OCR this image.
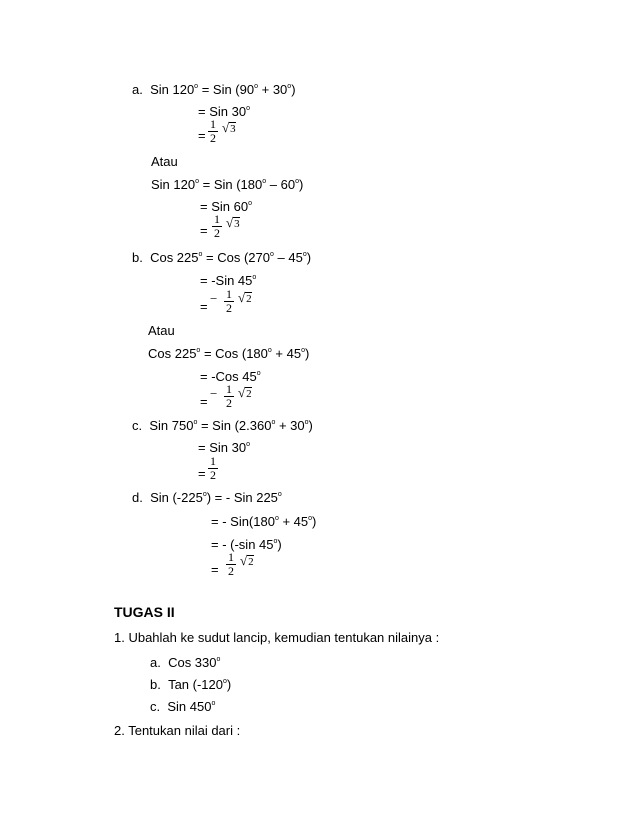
a. Sin $120^o$ = Sin $(90^o + 30^o)$
= Sin $30^o$
=
1
2
√3
Atau
Sin $120^o$ = Sin $(180^o - 60^o)$
= Sin $60^o$
=
1
2
√3
b. Cos $225^o$ = Cos $(270^o - 45^o)$
= -Sin $45^o$
=
− 1
2
√2
Atau
Cos $225^o$ = Cos $(180^o + 45^o)$
= -Cos $45^o$
=
− 1
2
√2
c. Sin $750^o$ = Sin $(2.360^o + 30^o)$
= Sin $30^o$
=
1
2
d. Sin $(-225^o)$ = - Sin $225^o$
= - $Sin(180^o + 45^o)$
= - (-sin $45^o$)
=
1
2
√2
TUGAS II
1. Ubahlah ke sudut lancip, kemudian tentukan nilainya :
a. Cos 330$^o$
b. Tan (-120$^o$)
c. Sin 450$^o$
2. Tentukan nilai dari :
